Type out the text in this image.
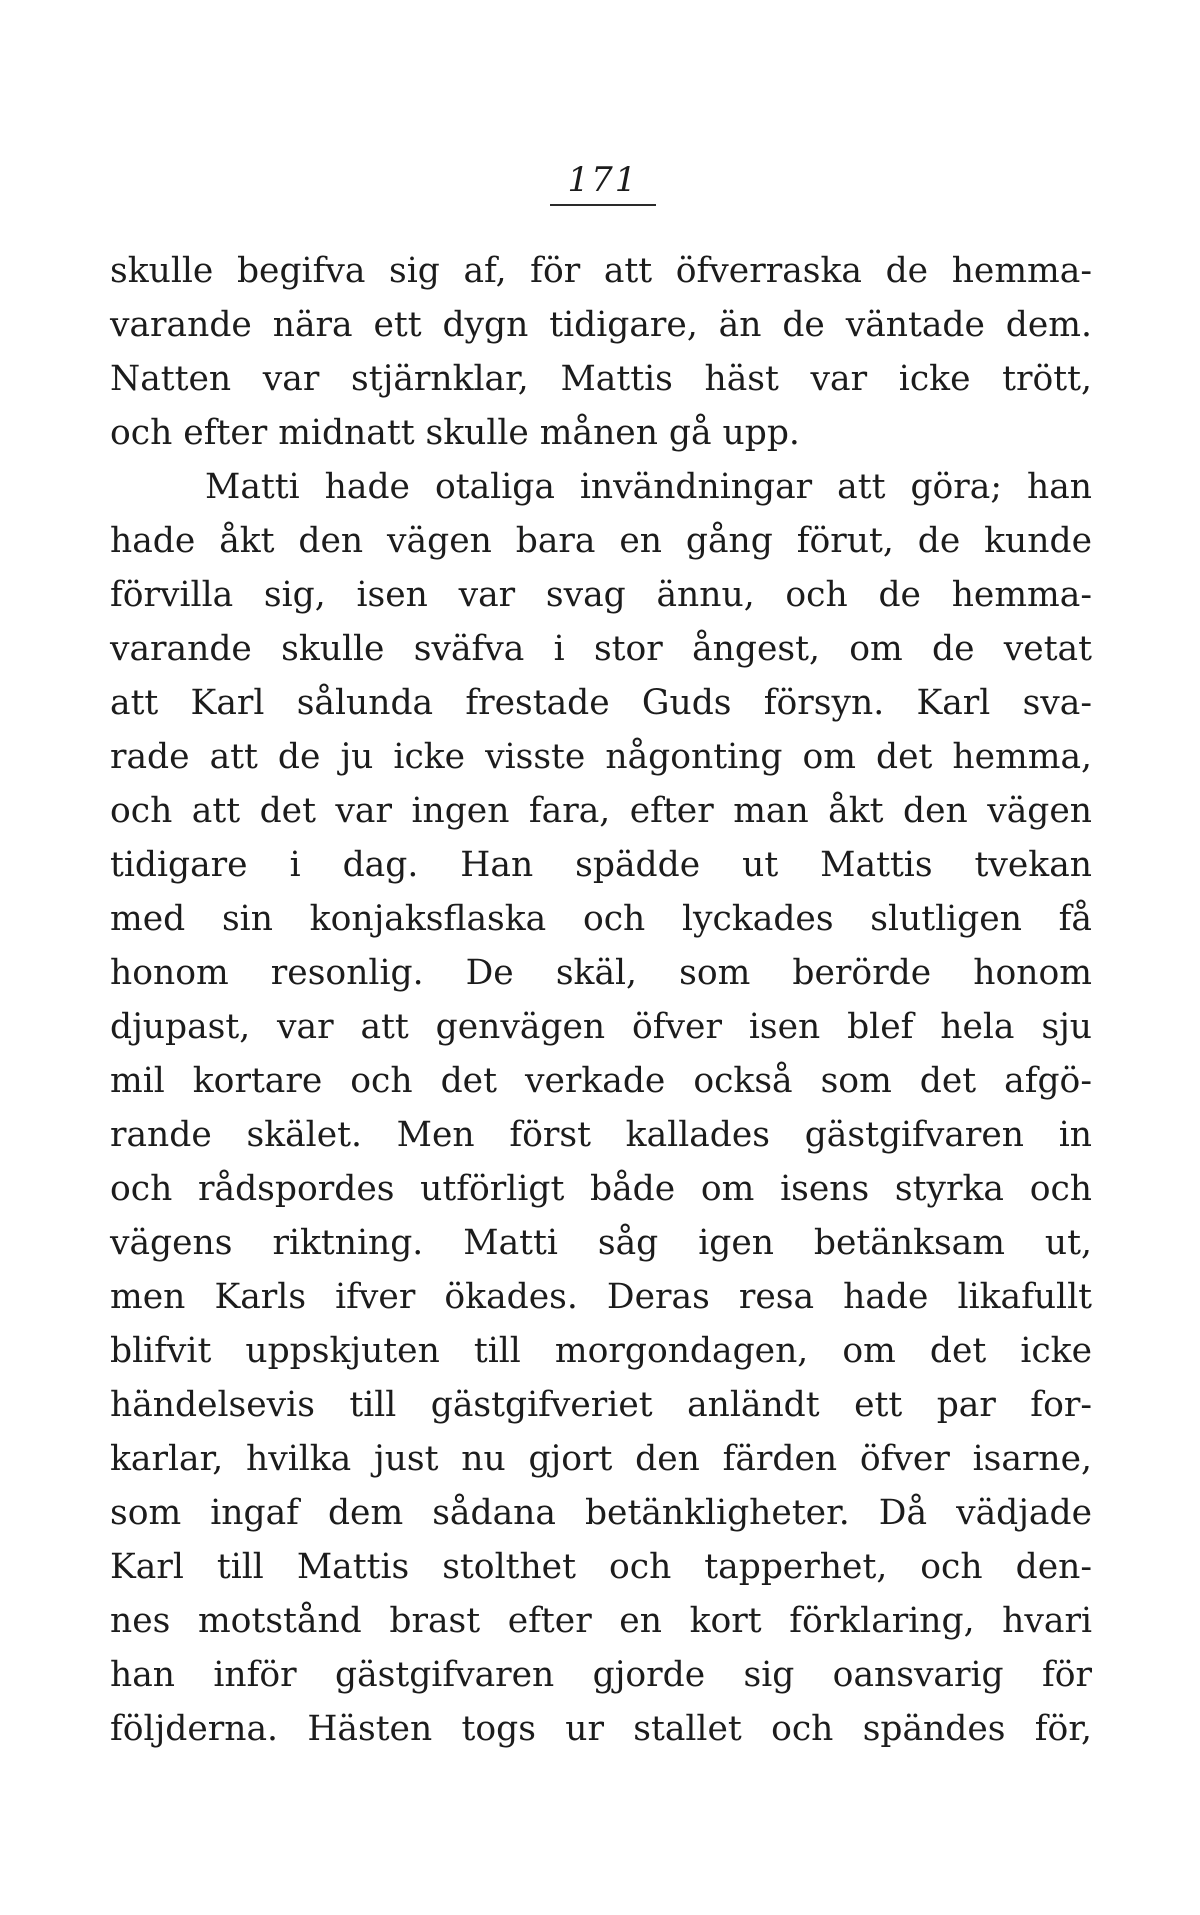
171
skulle begifva sig af, för att öfverraska de hemma-
varande nära ett dygn tidigare, än de väntade dem.
Natten var stjärnklar, Mattis häst var icke trött,
och efter midnatt skulle månen gå upp.
Matti hade otaliga invändningar att göra; han
hade åkt den vägen bara en gång förut, de kunde
förvilla sig, isen var svag ännu, och de hemma-
varande skulle sväfva i stor ångest, om de vetat
att Karl sålunda frestade Guds försyn. Karl sva-
rade att de ju icke visste någonting om det hemma,
och att det var ingen fara, efter man åkt den vägen
tidigare i dag. Han spädde ut Mattis tvekan
med sin konjaksflaska och lyckades slutligen få
honom resonlig. De skäl, som berörde honom
djupast, var att genvägen öfver isen blef hela sju
mil kortare och det verkade också som det afgö-
rande skälet. Men först kallades gästgifvaren in
och rådspordes utförligt både om isens styrka och
vägens riktning. Matti såg igen betänksam ut,
men Karls ifver ökades. Deras resa hade likafullt
blifvit uppskjuten till morgondagen, om det icke
händelsevis till gästgifveriet anländt ett par for-
karlar, hvilka just nu gjort den färden öfver isarne,
som ingaf dem sådana betänkligheter. Då vädjade
Karl till Mattis stolthet och tapperhet, och den-
nes motstånd brast efter en kort förklaring, hvari
han inför gästgifvaren gjorde sig oansvarig för
följderna. Hästen togs ur stallet och spändes för,
